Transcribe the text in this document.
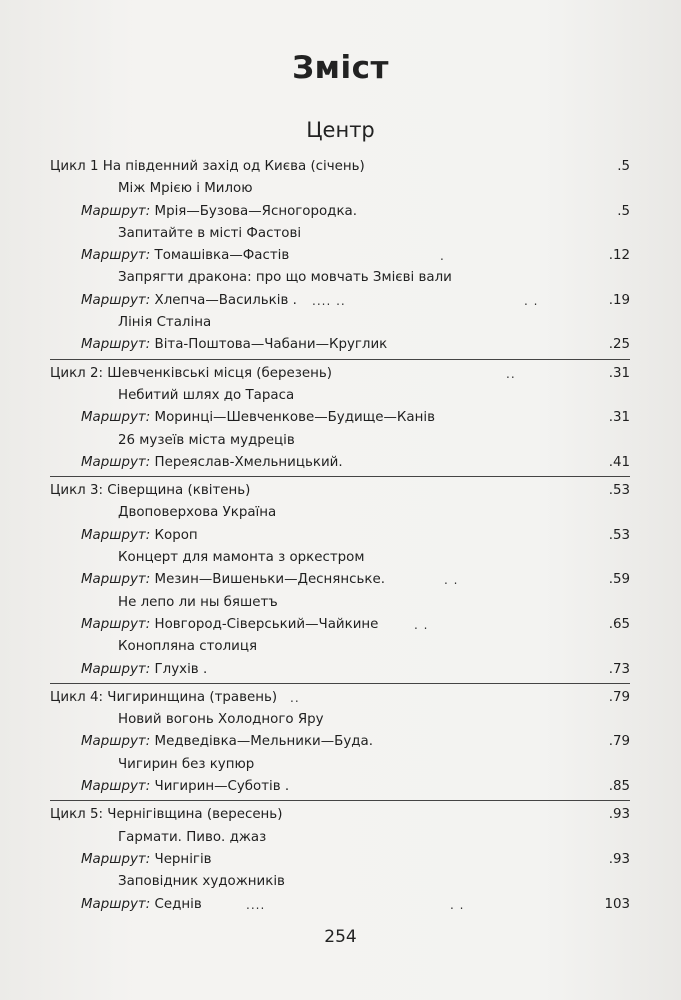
Зміст
Центр
Цикл 1 На південний захід од Києва (січень)	.5
Між Мрією і Милою
Маршрут: Мрія—Бузова—Ясногородка.	.5
Запитайте в місті Фастові
Маршрут: Томашівка—Фастів	.	.12
Запрягти дракона: про що мовчать Змієві вали
Маршрут: Хлепча—Васильків . .... ..	. .	.19
Лінія Сталіна
Маршрут: Віта-Поштова—Чабани—Круглик	.25
Цикл 2: Шевченківські місця (березень)	..	.31
Небитий шлях до Тараса
Маршрут: Моринці—Шевченкове—Будище—Канів	.31
26 музеїв міста мудреців
Маршрут: Переяслав-Хмельницький.	.41
Цикл 3: Сіверщина (квітень)	.53
Двоповерхова Україна
Маршрут: Короп	.53
Концерт для мамонта з оркестром
Маршрут: Мезин—Вишеньки—Деснянське.	. .	.59
Не лепо ли ны бяшетъ
Маршрут: Новгород-Сіверський—Чайкине	. .	.65
Конопляна столиця
Маршрут: Глухів .	.73
Цикл 4: Чигиринщина (травень) ..	.79
Новий вогонь Холодного Яру
Маршрут: Медведівка—Мельники—Буда.	.79
Чигирин без купюр
Маршрут: Чигирин—Суботів .	.85
Цикл 5: Чернігівщина (вересень)	.93
Гармати. Пиво. джаз
Маршрут: Чернігів	.93
Заповідник художників
Маршрут: Седнів	....	. .	103
254
